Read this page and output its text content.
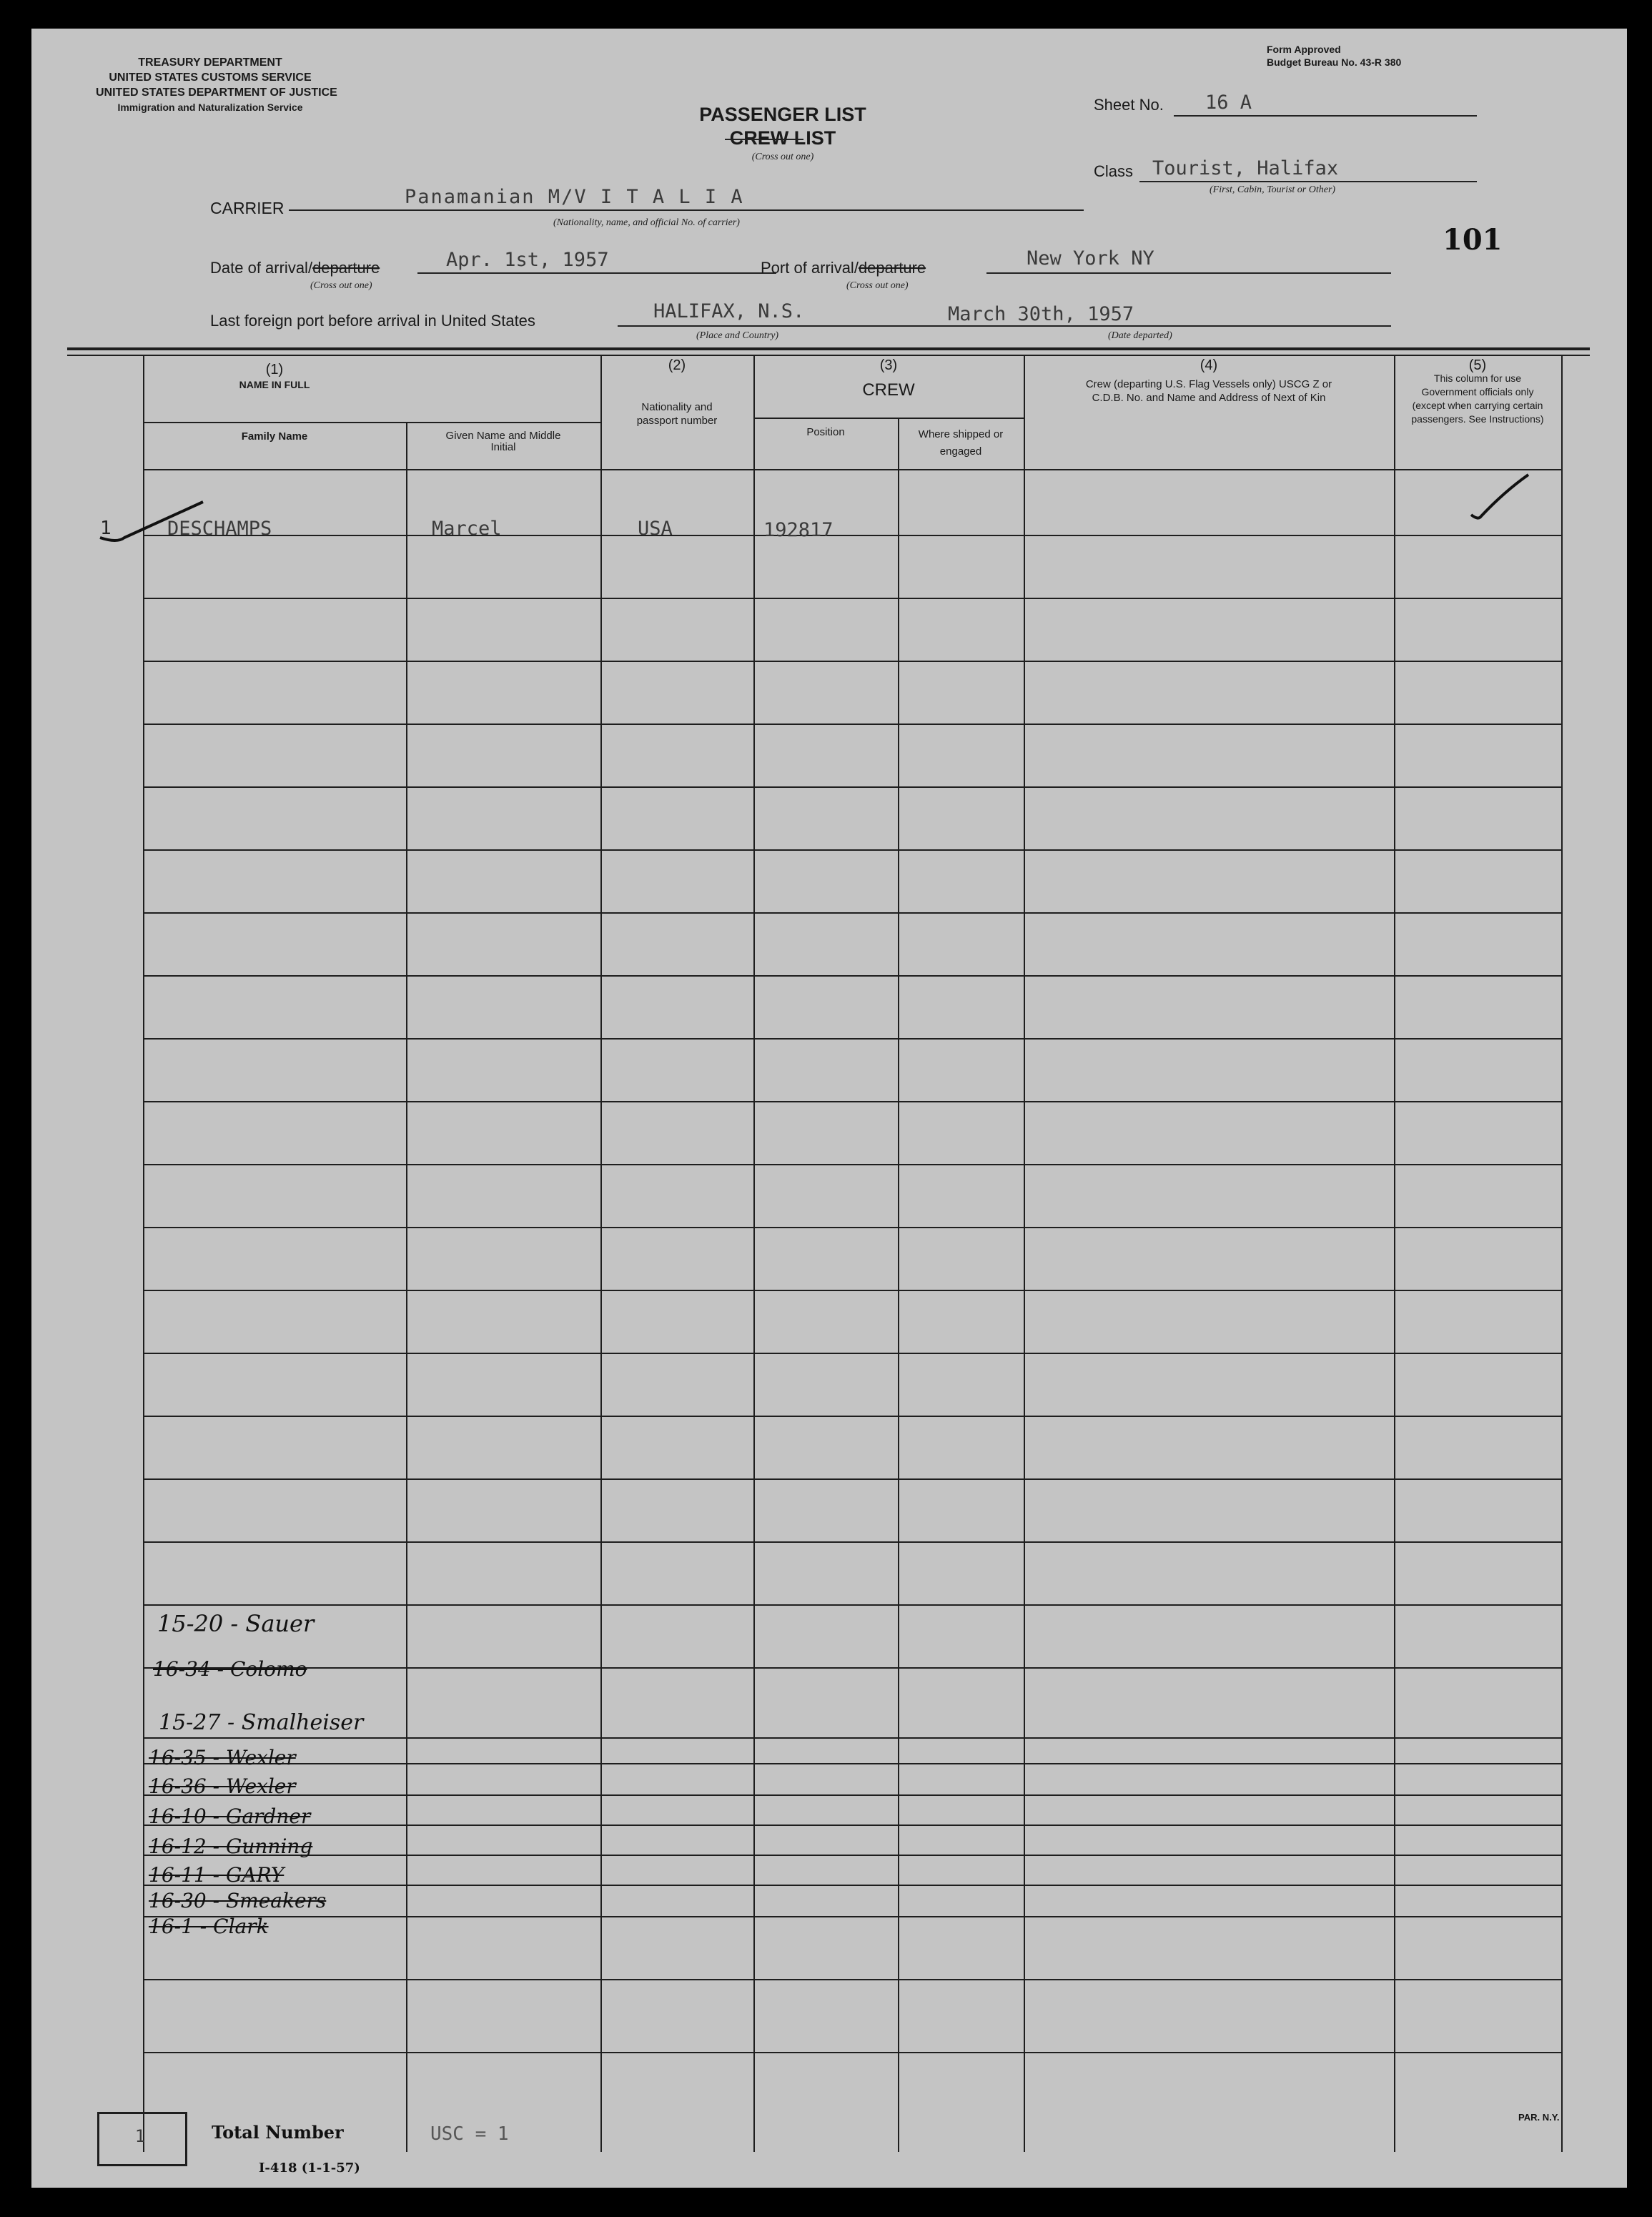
TREASURY DEPARTMENT
UNITED STATES CUSTOMS SERVICE
UNITED STATES DEPARTMENT OF JUSTICE
Immigration and Naturalization Service
Form Approved
Budget Bureau No. 43-R 380
PASSENGER LIST
CREW LIST
(Cross out one)
Sheet No. 16 A
Class Tourist, Halifax
(First, Cabin, Tourist or Other)
101
CARRIER	Panamanian M/V I T A L I A
(Nationality, name, and official No. of carrier)
Date of arrival/departure	Apr. 1st, 1957
(Cross out one)
Port of arrival/departure	New York NY
(Cross out one)
Last foreign port before arrival in United States	HALIFAX, N.S.
(Place and Country)
March 30th, 1957
(Date departed)
(1)
NAME IN FULL
Family Name	Given Name and Middle Initial
(2)
Nationality and passport number
(3)
CREW
Position	Where shipped or engaged
(4)
Crew (departing U.S. Flag Vessels only) USCG Z or C.D.B. No. and Name and Address of Next of Kin
(5)
This column for use Government officials only (except when carrying certain passengers. See Instructions)
1	DESCHAMPS	Marcel	USA	192817
15-20 - Sauer
16-34 - Colomo
15-27 - Smalheiser
16-35 - Wexler
16-36 - Wexler
16-10 - Gardner
16-12 - Gunning
16-11 - GARY
16-30 - Smeakers
16-1 - Clark
1	Total Number	USC = 1
I-418 (1-1-57)
PAR. N.Y.
